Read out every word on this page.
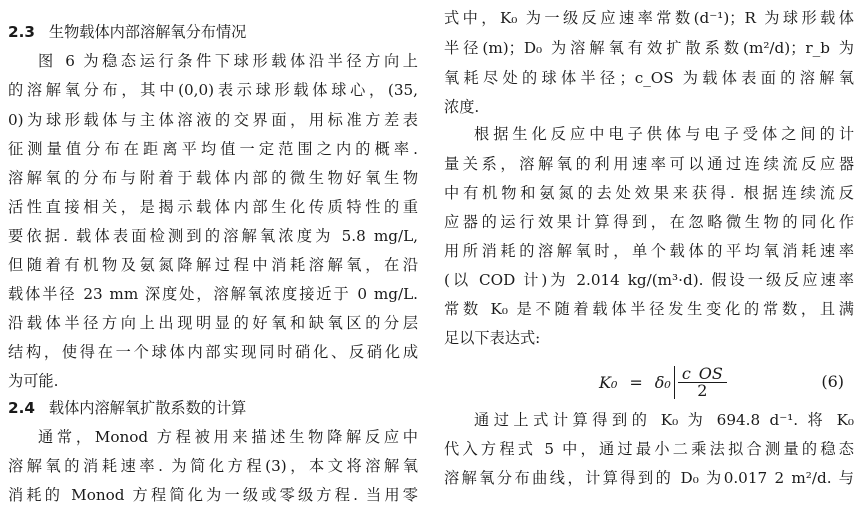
2.3 生物载体内部溶解氧分布情况
图 6 为稳态运行条件下球形载体沿半径方向上
的溶解氧分布，其中(0,0)表示球形载体球心，(35,
0)为球形载体与主体溶液的交界面，用标准方差表
征测量值分布在距离平均值一定范围之内的概率.
溶解氧的分布与附着于载体内部的微生物好氧生物
活性直接相关，是揭示载体内部生化传质特性的重
要依据. 载体表面检测到的溶解氧浓度为 5.8 mg/L,
但随着有机物及氨氮降解过程中消耗溶解氧，在沿
载体半径 23 mm 深度处，溶解氧浓度接近于 0 mg/L.
沿载体半径方向上出现明显的好氧和缺氧区的分层
结构，使得在一个球体内部实现同时硝化、反硝化成
为可能.
2.4 载体内溶解氧扩散系数的计算
通常，Monod 方程被用来描述生物降解反应中
溶解氧的消耗速率. 为简化方程(3)，本文将溶解氧
消耗的 Monod 方程简化为一级或零级方程. 当用零
式中，K₀ 为一级反应速率常数(d⁻¹)；R 为球形载体
半径(m)；D₀ 为溶解氧有效扩散系数(m²/d)；r_b 为
氧耗尽处的球体半径；c_OS 为载体表面的溶解氧
浓度.
根据生化反应中电子供体与电子受体之间的计
量关系，溶解氧的利用速率可以通过连续流反应器
中有机物和氨氮的去处效果来获得. 根据连续流反
应器的运行效果计算得到，在忽略微生物的同化作
用所消耗的溶解氧时，单个载体的平均氧消耗速率
(以 COD 计)为 2.014 kg/(m³·d). 假设一级反应速率
常数 K₀ 是不随着载体半径发生变化的常数，且满
足以下表达式:
$K_0 = \delta_0 \frac{c\_OS}{2}$	(6)
通过上式计算得到的 K₀ 为 694.8 d⁻¹. 将 K₀
代入方程式 5 中，通过最小二乘法拟合测量的稳态
溶解氧分布曲线，计算得到的 D₀ 为0.017 2 m²/d. 与
